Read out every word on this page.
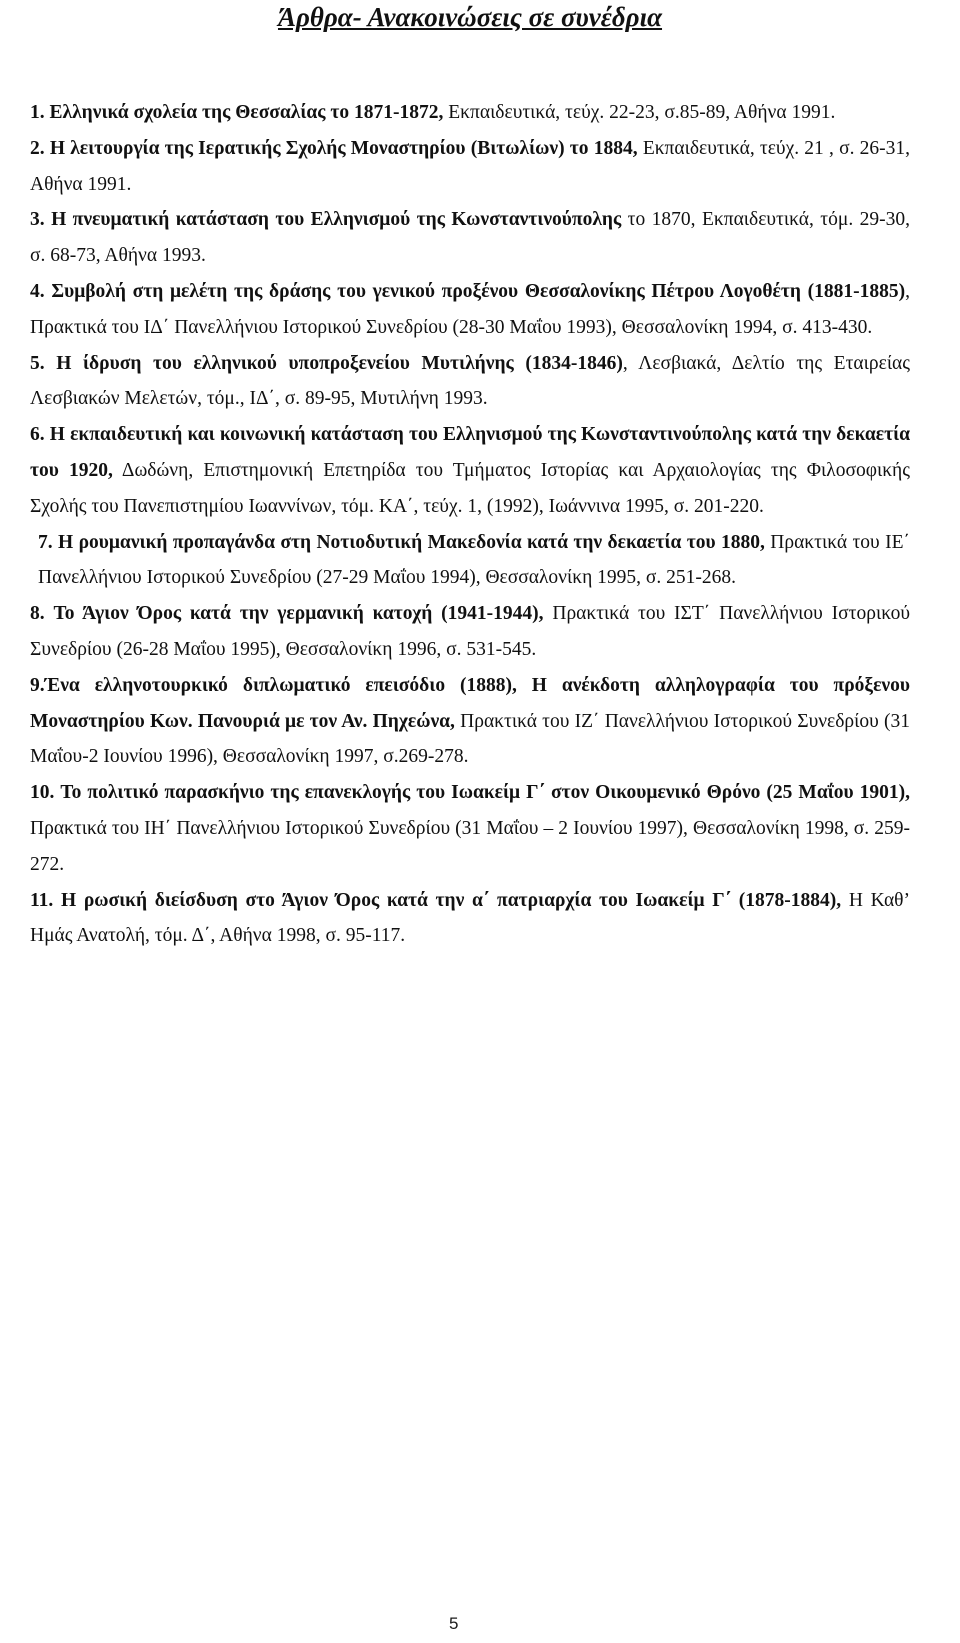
Άρθρα- Ανακοινώσεις σε συνέδρια

1. Ελληνικά σχολεία της Θεσσαλίας το 1871-1872, Εκπαιδευτικά, τεύχ. 22-23, σ.85-89, Αθήνα 1991.

2. Η λειτουργία της Ιερατικής Σχολής Μοναστηρίου (Βιτωλίων) το 1884, Εκπαιδευτικά, τεύχ. 21 , σ. 26-31, Αθήνα 1991.

3. Η πνευματική κατάσταση του Ελληνισμού της Κωνσταντινούπολης το 1870, Εκπαιδευτικά, τόμ. 29-30, σ. 68-73, Αθήνα 1993.

4. Συμβολή στη μελέτη της δράσης του γενικού προξένου Θεσσαλονίκης Πέτρου Λογοθέτη (1881-1885), Πρακτικά του ΙΔ΄ Πανελλήνιου Ιστορικού Συνεδρίου (28-30 Μαΐου 1993), Θεσσαλονίκη 1994, σ. 413-430.

5. Η ίδρυση του ελληνικού υποπροξενείου Μυτιλήνης (1834-1846), Λεσβιακά, Δελτίο της Εταιρείας Λεσβιακών Μελετών, τόμ., ΙΔ΄, σ. 89-95, Μυτιλήνη 1993.

6. Η εκπαιδευτική και κοινωνική κατάσταση του Ελληνισμού της Κωνσταντινούπολης κατά την δεκαετία του 1920, Δωδώνη, Επιστημονική Επετηρίδα του Τμήματος Ιστορίας και Αρχαιολογίας της Φιλοσοφικής Σχολής του Πανεπιστημίου Ιωαννίνων, τόμ. ΚΑ΄, τεύχ. 1, (1992), Ιωάννινα 1995, σ. 201-220.

7. Η ρουμανική προπαγάνδα στη Νοτιοδυτική Μακεδονία κατά την δεκαετία του 1880, Πρακτικά του ΙΕ΄ Πανελλήνιου Ιστορικού Συνεδρίου (27-29 Μαΐου 1994), Θεσσαλονίκη 1995, σ. 251-268.

8. Το Άγιον Όρος κατά την γερμανική κατοχή (1941-1944), Πρακτικά του ΙΣΤ΄ Πανελλήνιου Ιστορικού Συνεδρίου (26-28 Μαΐου 1995), Θεσσαλονίκη 1996, σ. 531-545.

9.Ένα ελληνοτουρκικό διπλωματικό επεισόδιο (1888), Η ανέκδοτη αλληλογραφία του πρόξενου Μοναστηρίου Κων. Πανουριά με τον Αν. Πηχεώνα, Πρακτικά του ΙΖ΄ Πανελλήνιου Ιστορικού Συνεδρίου (31 Μαΐου-2 Ιουνίου 1996), Θεσσαλονίκη 1997, σ.269-278.

10. Το πολιτικό παρασκήνιο της επανεκλογής του Ιωακείμ Γ΄ στον Οικουμενικό Θρόνο (25 Μαΐου 1901), Πρακτικά του ΙΗ΄ Πανελλήνιου Ιστορικού Συνεδρίου (31 Μαΐου – 2 Ιουνίου 1997), Θεσσαλονίκη 1998, σ. 259-272.

11. Η ρωσική διείσδυση στο Άγιον Όρος κατά την α΄ πατριαρχία του Ιωακείμ Γ΄ (1878-1884), Η Καθ’ Ημάς Ανατολή, τόμ. Δ΄, Αθήνα 1998, σ. 95-117.

5
